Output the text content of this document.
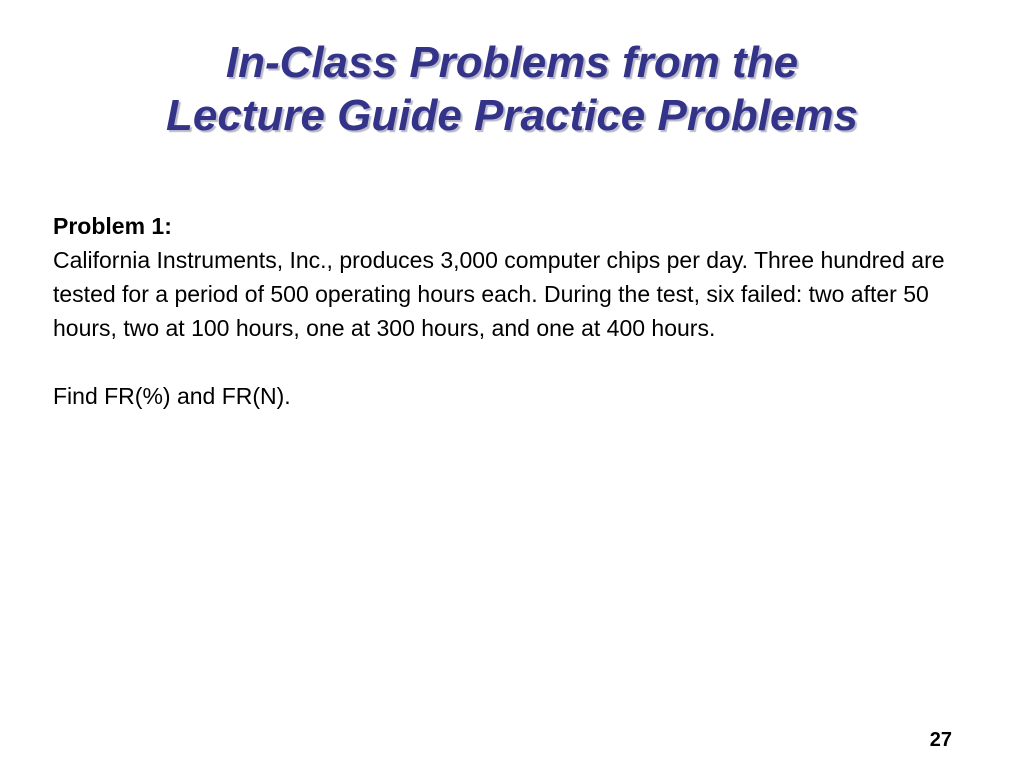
In-Class Problems from the
Lecture Guide Practice Problems
Problem 1:

California Instruments, Inc., produces 3,000 computer chips per day. Three hundred are tested for a period of 500 operating hours each. During the test, six failed: two after 50 hours, two at 100 hours, one at 300 hours, and one at 400 hours.

Find FR(%) and FR(N).
27
